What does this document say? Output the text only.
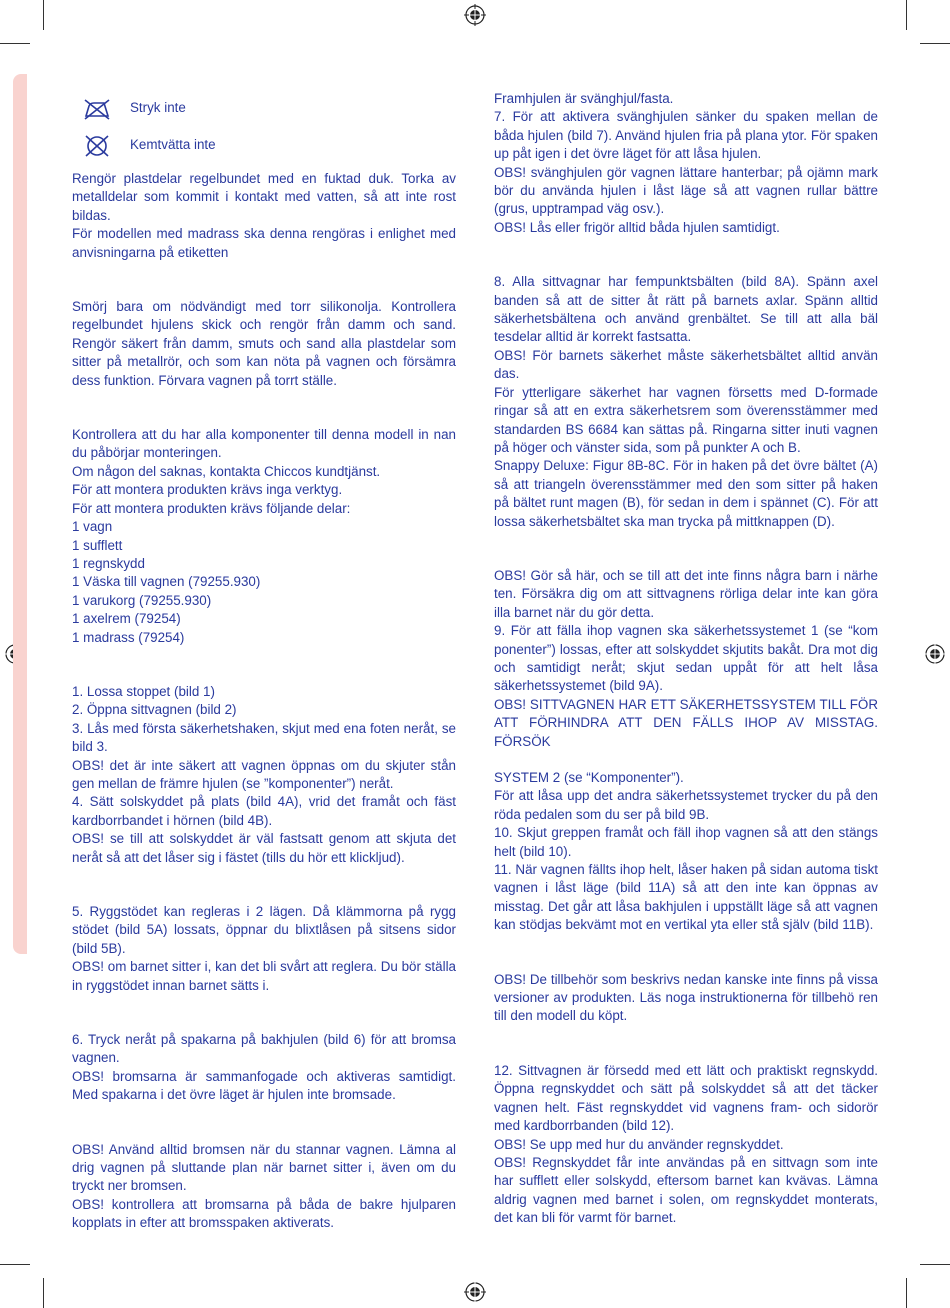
Stryk inte
Kemtvätta inte

Rengör plastdelar regelbundet med en fuktad duk. Torka av metalldelar som kommit i kontakt med vatten, så att inte rost bildas.

För modellen med madrass ska denna rengöras i enlighet med anvisningarna på etiketten

Smörj bara om nödvändigt med torr silikonolja. Kontrollera regelbundet hjulens skick och rengör från damm och sand. Rengör säkert från damm, smuts och sand alla plastdelar som sitter på metallrör, och som kan nöta på vagnen och försämra dess funktion. Förvara vagnen på torrt ställe.

Kontrollera att du har alla komponenter till denna modell in nan du påbörjar monteringen.

Om någon del saknas, kontakta Chiccos kundtjänst.

För att montera produkten krävs inga verktyg.

För att montera produkten krävs följande delar:

1 vagn

1 sufflett

1 regnskydd

1 Väska till vagnen (79255.930)

1 varukorg (79255.930)

1 axelrem (79254)

1 madrass (79254)

1. Lossa stoppet (bild 1)

2. Öppna sittvagnen (bild 2)

3. Lås med första säkerhetshaken, skjut med ena foten neråt, se bild 3.

OBS! det är inte säkert att vagnen öppnas om du skjuter stån gen mellan de främre hjulen (se ”komponenter”) neråt.

4. Sätt solskyddet på plats (bild 4A), vrid det framåt och fäst kardborrbandet i hörnen (bild 4B).

OBS! se till att solskyddet är väl fastsatt genom att skjuta det neråt så att det låser sig i fästet (tills du hör ett klickljud).

5. Ryggstödet kan regleras i 2 lägen. Då klämmorna på rygg stödet (bild 5A) lossats, öppnar du blixtlåsen på sitsens sidor (bild 5B).

OBS! om barnet sitter i, kan det bli svårt att reglera. Du bör ställa in ryggstödet innan barnet sätts i.

6. Tryck neråt på spakarna på bakhjulen (bild 6) för att bromsa vagnen.

OBS! bromsarna är sammanfogade och aktiveras samtidigt. Med spakarna i det övre läget är hjulen inte bromsade.

OBS! Använd alltid bromsen när du stannar vagnen. Lämna al drig vagnen på sluttande plan när barnet sitter i, även om du tryckt ner bromsen.

OBS! kontrollera att bromsarna på båda de bakre hjulparen kopplats in efter att bromsspaken aktiverats.

Framhjulen är svänghjul/fasta.

7. För att aktivera svänghjulen sänker du spaken mellan de båda hjulen (bild 7). Använd hjulen fria på plana ytor. För spaken up påt igen i det övre läget för att låsa hjulen.

OBS! svänghjulen gör vagnen lättare hanterbar; på ojämn mark bör du använda hjulen i låst läge så att vagnen rullar bättre (grus, upptrampad väg osv.).

OBS! Lås eller frigör alltid båda hjulen samtidigt.

8. Alla sittvagnar har fempunktsbälten (bild 8A). Spänn axel banden så att de sitter åt rätt på barnets axlar. Spänn alltid säkerhetsbältena och använd grenbältet. Se till att alla bäl tesdelar alltid är korrekt fastsatta.

OBS! För barnets säkerhet måste säkerhetsbältet alltid använ das.

För ytterligare säkerhet har vagnen försetts med D-formade ringar så att en extra säkerhetsrem som överensstämmer med standarden BS 6684 kan sättas på. Ringarna sitter inuti vagnen på höger och vänster sida, som på punkter A och B.

Snappy Deluxe: Figur 8B-8C. För in haken på det övre bältet (A) så att triangeln överensstämmer med den som sitter på haken på bältet runt magen (B), för sedan in dem i spännet (C). För att lossa säkerhetsbältet ska man trycka på mittknappen (D).

OBS! Gör så här, och se till att det inte finns några barn i närhe ten. Försäkra dig om att sittvagnens rörliga delar inte kan göra illa barnet när du gör detta.

9. För att fälla ihop vagnen ska säkerhetssystemet 1 (se “kom ponenter”) lossas, efter att solskyddet skjutits bakåt. Dra mot dig och samtidigt neråt; skjut sedan uppåt för att helt låsa säkerhetssystemet (bild 9A).

OBS! SITTVAGNEN HAR ETT SÄKERHETSSYSTEM TILL FÖR ATT FÖRHINDRA ATT DEN FÄLLS IHOP AV MISSTAG. FÖRSÖK

SYSTEM 2 (se “Komponenter”).

För att låsa upp det andra säkerhetssystemet trycker du på den röda pedalen som du ser på bild 9B.

10. Skjut greppen framåt och fäll ihop vagnen så att den stängs helt (bild 10).

11. När vagnen fällts ihop helt, låser haken på sidan automa tiskt vagnen i låst läge (bild 11A) så att den inte kan öppnas av misstag. Det går att låsa bakhjulen i uppställt läge så att vagnen kan stödjas bekvämt mot en vertikal yta eller stå själv (bild 11B).

OBS! De tillbehör som beskrivs nedan kanske inte finns på vissa versioner av produkten. Läs noga instruktionerna för tillbehö ren till den modell du köpt.

12. Sittvagnen är försedd med ett lätt och praktiskt regnskydd. Öppna regnskyddet och sätt på solskyddet så att det täcker vagnen helt. Fäst regnskyddet vid vagnens fram- och sidorör med kardborrbanden (bild 12).

OBS! Se upp med hur du använder regnskyddet.

OBS! Regnskyddet får inte användas på en sittvagn som inte har sufflett eller solskydd, eftersom barnet kan kvävas. Lämna aldrig vagnen med barnet i solen, om regnskyddet monterats, det kan bli för varmt för barnet.
